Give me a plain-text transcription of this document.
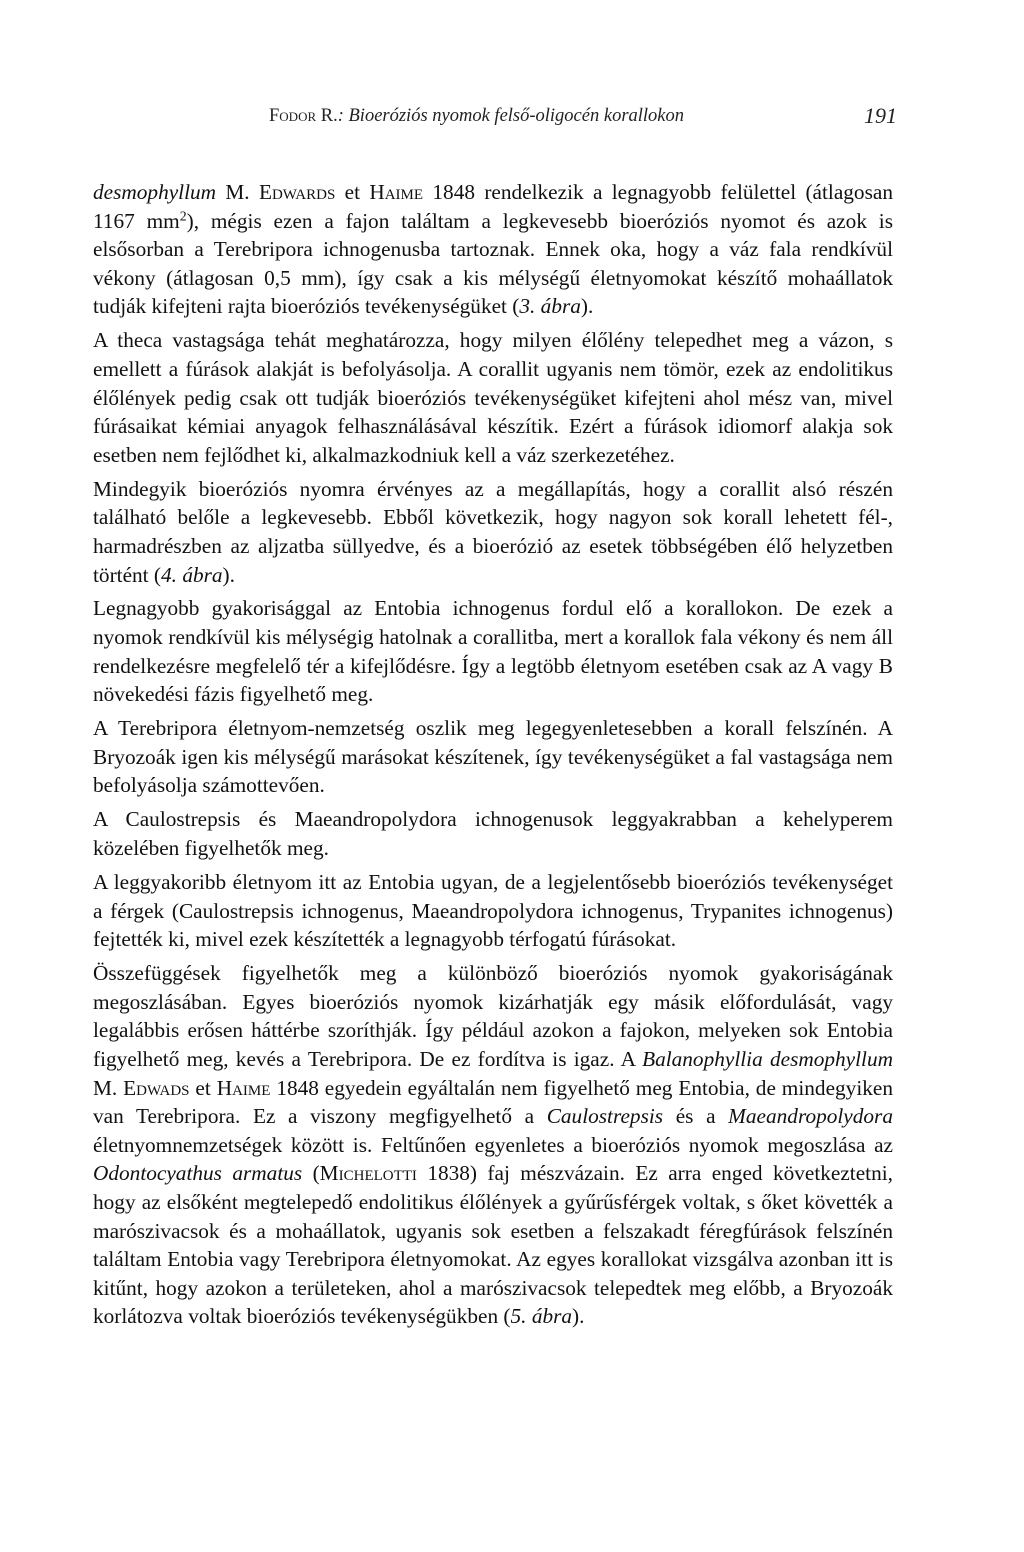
Fodor R.: Bioeróziós nyomok felső-oligocén korallokon	191

desmophyllum M. Edwards et Haime 1848 rendelkezik a legnagyobb felülettel (átlagosan 1167 $mm^2$), mégis ezen a fajon találtam a legkevesebb bioeróziós nyomot és azok is elsősorban a Terebripora ichnogenusba tartoznak. Ennek oka, hogy a váz fala rendkívül vékony (átlagosan 0,5 mm), így csak a kis mélységű életnyomokat készítő mohaállatok tudják kifejteni rajta bioeróziós tevékenységüket (3. ábra).

A theca vastagsága tehát meghatározza, hogy milyen élőlény telepedhet meg a vázon, s emellett a fúrások alakját is befolyásolja. A corallit ugyanis nem tömör, ezek az endolitikus élőlények pedig csak ott tudják bioeróziós tevékenységüket kifejteni ahol mész van, mivel fúrásaikat kémiai anyagok felhasználásával készítik. Ezért a fúrások idiomorf alakja sok esetben nem fejlődhet ki, alkalmazkodniuk kell a váz szerkezetéhez.

Mindegyik bioeróziós nyomra érvényes az a megállapítás, hogy a corallit alsó részén található belőle a legkevesebb. Ebből következik, hogy nagyon sok korall lehetett fél-, harmadrészben az aljzatba süllyedve, és a bioerózió az esetek többségében élő helyzetben történt (4. ábra).

Legnagyobb gyakorisággal az Entobia ichnogenus fordul elő a korallokon. De ezek a nyomok rendkívül kis mélységig hatolnak a corallitba, mert a korallok fala vékony és nem áll rendelkezésre megfelelő tér a kifejlődésre. Így a legtöbb életnyom esetében csak az A vagy B növekedési fázis figyelhető meg.

A Terebripora életnyom-nemzetség oszlik meg legegyenletesebben a korall felszínén. A Bryozoák igen kis mélységű marásokat készítenek, így tevékenységüket a fal vastagsága nem befolyásolja számottevően.

A Caulostrepsis és Maeandropolydora ichnogenusok leggyakrabban a kehelyperem közelében figyelhetők meg.

A leggyakoribb életnyom itt az Entobia ugyan, de a legjelentősebb bioeróziós tevékenységet a férgek (Caulostrepsis ichnogenus, Maeandropolydora ichnogenus, Trypanites ichnogenus) fejtették ki, mivel ezek készítették a legnagyobb térfogatú fúrásokat.

Összefüggések figyelhetők meg a különböző bioeróziós nyomok gyakoriságának megoszlásában. Egyes bioeróziós nyomok kizárhatják egy másik előfordulását, vagy legalábbis erősen háttérbe szoríthják. Így például azokon a fajokon, melyeken sok Entobia figyelhető meg, kevés a Terebripora. De ez fordítva is igaz. A Balanophyllia desmophyllum M. Edwads et Haime 1848 egyedein egyáltalán nem figyelhető meg Entobia, de mindegyiken van Terebripora. Ez a viszony megfigyelhető a Caulostrepsis és a Maeandropolydora életnyomnemzetségek között is. Feltűnően egyenletes a bioeróziós nyomok megoszlása az Odontocyathus armatus (Michelotti 1838) faj mészvázain. Ez arra enged következtetni, hogy az elsőként megtelepedő endolitikus élőlények a gyűrűsférgek voltak, s őket követték a marószivacsok és a mohaállatok, ugyanis sok esetben a felszakadt féregfúrások felszínén találtam Entobia vagy Terebripora életnyomokat. Az egyes korallokat vizsgálva azonban itt is kitűnt, hogy azokon a területeken, ahol a marószivacsok telepedtek meg előbb, a Bryozoák korlátozva voltak bioeróziós tevékenységükben (5. ábra).
